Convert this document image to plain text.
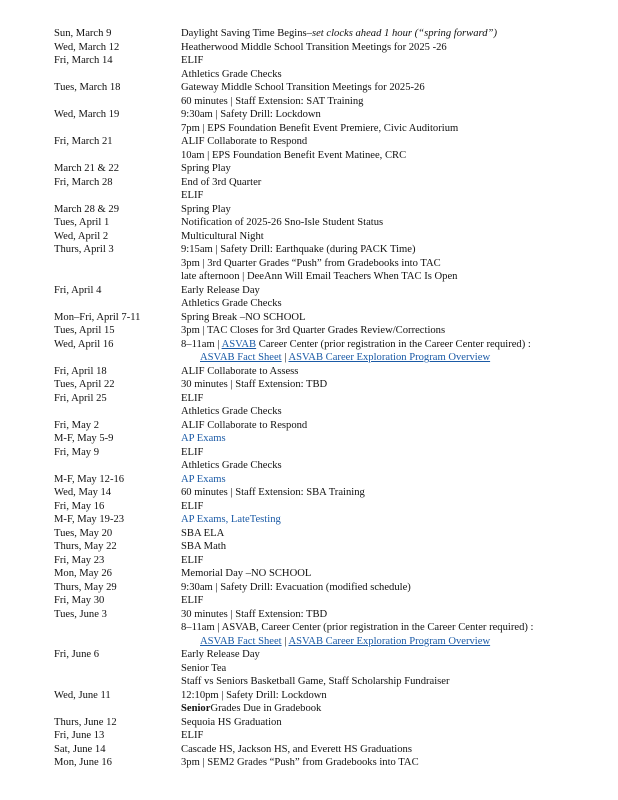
Sun, March 9	Daylight Saving Time Begins–set clocks ahead 1 hour (“spring forward”)
Wed, March 12	Heatherwood Middle School Transition Meetings for 2025 -26
Fri, March 14	ELIF
Athletics Grade Checks
Tues, March 18	Gateway Middle School Transition Meetings for 2025-26
60 minutes | Staff Extension: SAT Training
Wed, March 19	9:30am | Safety Drill: Lockdown
7pm | EPS Foundation Benefit Event Premiere, Civic Auditorium
Fri, March 21	ALIF Collaborate to Respond
10am | EPS Foundation Benefit Event Matinee, CRC
March 21 & 22	Spring Play
Fri, March 28	End of 3rd Quarter
ELIF
March 28 & 29	Spring Play
Tues, April 1	Notification of 2025-26 Sno-Isle Student Status
Wed, April 2	Multicultural Night
Thurs, April 3	9:15am | Safety Drill: Earthquake (during PACK Time)
3pm | 3rd Quarter Grades “Push” from Gradebooks into TAC
late afternoon | DeeAnn Will Email Teachers When TAC Is Open
Fri, April 4	Early Release Day
Athletics Grade Checks
Mon–Fri, April 7-11	Spring Break –NO SCHOOL
Tues, April 15	3pm | TAC Closes for 3rd Quarter Grades Review/Corrections
Wed, April 16	8–11am | ASVAB Career Center (prior registration in the Career Center required) :
ASVAB Fact Sheet | ASVAB Career Exploration Program Overview
Fri, April 18	ALIF Collaborate to Assess
Tues, April 22	30 minutes | Staff Extension: TBD
Fri, April 25	ELIF
Athletics Grade Checks
Fri, May 2	ALIF Collaborate to Respond
M-F, May 5-9	AP Exams
Fri, May 9	ELIF
Athletics Grade Checks
M-F, May 12-16	AP Exams
Wed, May 14	60 minutes | Staff Extension: SBA Training
Fri, May 16	ELIF
M-F, May 19-23	AP Exams, LateTesting
Tues, May 20	SBA ELA
Thurs, May 22	SBA Math
Fri, May 23	ELIF
Mon, May 26	Memorial Day –NO SCHOOL
Thurs, May 29	9:30am | Safety Drill: Evacuation (modified schedule)
Fri, May 30	ELIF
Tues, June 3	30 minutes | Staff Extension: TBD
8–11am | ASVAB, Career Center (prior registration in the Career Center required) :
ASVAB Fact Sheet | ASVAB Career Exploration Program Overview
Fri, June 6	Early Release Day
Senior Tea
Staff vs Seniors Basketball Game, Staff Scholarship Fundraiser
Wed, June 11	12:10pm | Safety Drill: Lockdown
SeniorGrades Due in Gradebook
Thurs, June 12	Sequoia HS Graduation
Fri, June 13	ELIF
Sat, June 14	Cascade HS, Jackson HS, and Everett HS Graduations
Mon, June 16	3pm | SEM2 Grades “Push” from Gradebooks into TAC
